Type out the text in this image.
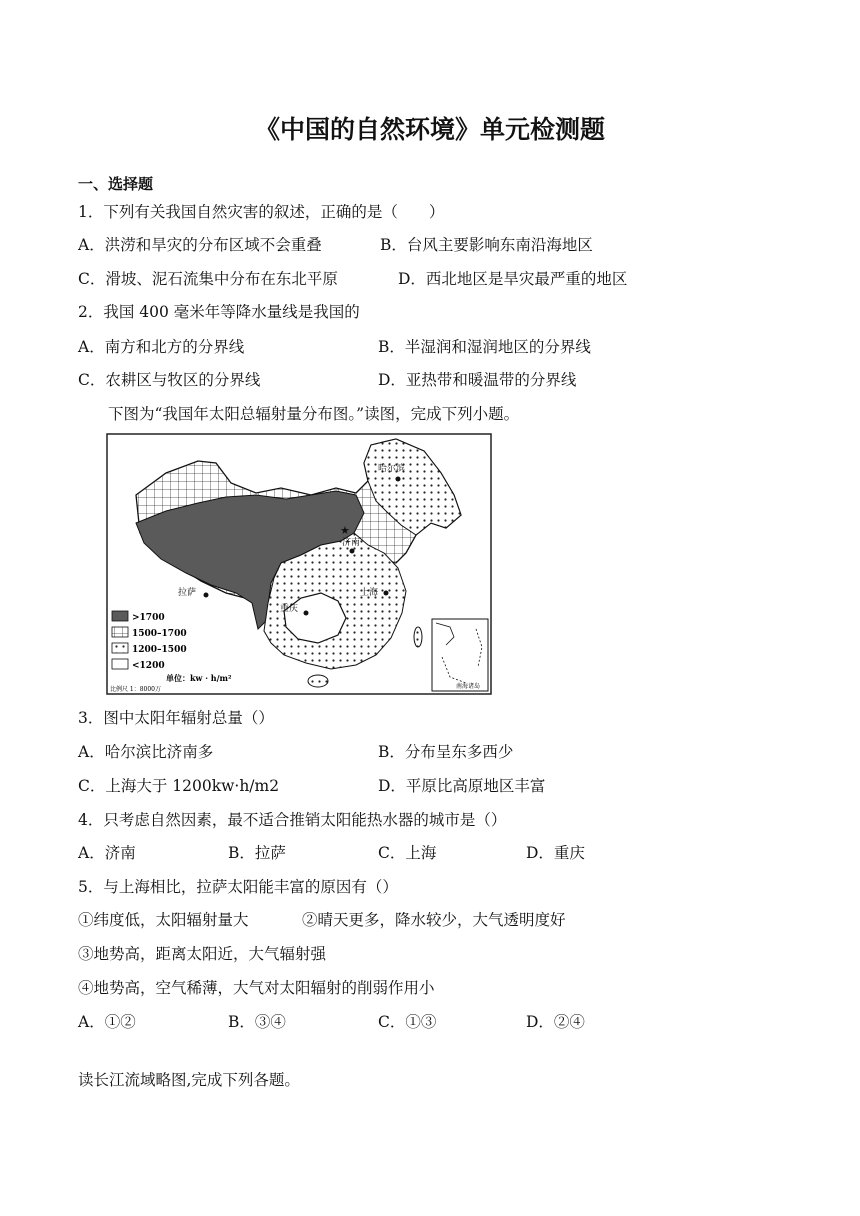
《中国的自然环境》单元检测题
一、选择题
1．下列有关我国自然灾害的叙述，正确的是（　　）
A．洪涝和旱灾的分布区域不会重叠	B．台风主要影响东南沿海地区
C．滑坡、泥石流集中分布在东北平原	D．西北地区是旱灾最严重的地区
2．我国 400 毫米年等降水量线是我国的
A．南方和北方的分界线	B．半湿润和湿润地区的分界线
C．农耕区与牧区的分界线	D．亚热带和暖温带的分界线
下图为“我国年太阳总辐射量分布图。”读图，完成下列小题。
哈尔滨
济南
拉萨
重庆
上海
★
>1700
1500–1700
1200–1500
<1200
单位：kw · h/m²
比例尺 1：8000万	南海诸岛
3．图中太阳年辐射总量（）
A．哈尔滨比济南多	B．分布呈东多西少
C．上海大于 1200kw·h/m2	D．平原比高原地区丰富
4．只考虑自然因素，最不适合推销太阳能热水器的城市是（）
A．济南	B．拉萨	C．上海	D．重庆
5．与上海相比，拉萨太阳能丰富的原因有（）
①纬度低，太阳辐射量大	②晴天更多，降水较少，大气透明度好
③地势高，距离太阳近，大气辐射强
④地势高，空气稀薄，大气对太阳辐射的削弱作用小
A．①②	B．③④	C．①③	D．②④
读长江流域略图,完成下列各题。
